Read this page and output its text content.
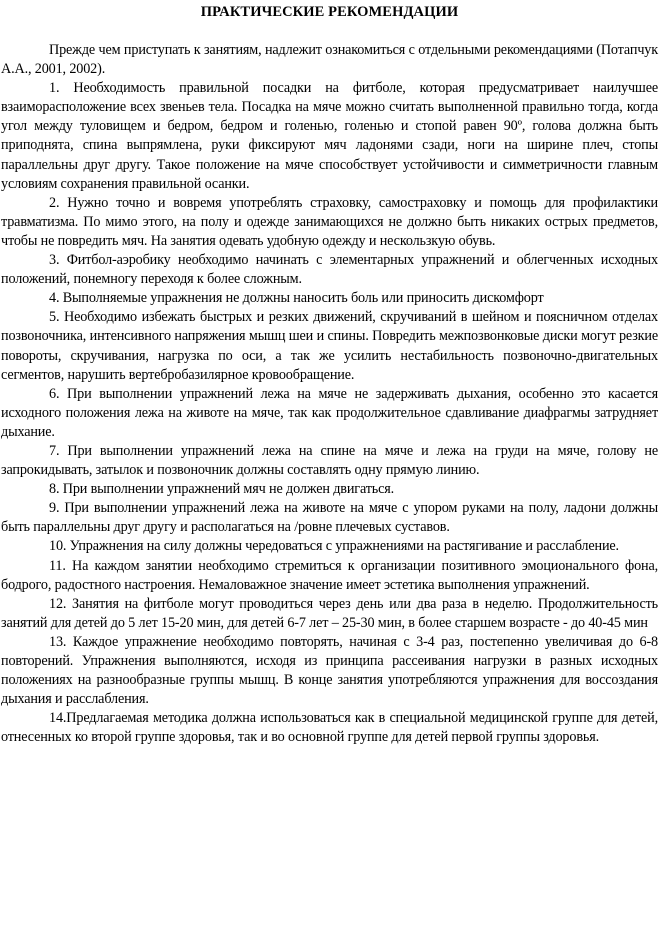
ПРАКТИЧЕСКИЕ РЕКОМЕНДАЦИИ

Прежде чем приступать к занятиям, надлежит ознакомиться с отдельными рекомендациями (Потапчук А.А., 2001, 2002).

1. Необходимость правильной посадки на фитболе, которая предусматривает наилучшее взаиморасположение всех звеньев тела. Посадка на мяче можно считать выполненной правильно тогда, когда угол между туловищем и бедром, бедром и голенью, голенью и стопой равен 90º, голова должна быть приподнята, спина выпрямлена, руки фиксируют мяч ладонями сзади, ноги на ширине плеч, стопы параллельны друг другу. Такое положение на мяче способствует устойчивости и симметричности главным условиям сохранения правильной осанки.

2. Нужно точно и вовремя употреблять страховку, самостраховку и помощь для профилактики травматизма. По мимо этого, на полу и одежде занимающихся не должно быть никаких острых предметов, чтобы не повредить мяч. На занятия одевать удобную одежду и нескользкую обувь.

3. Фитбол-аэробику необходимо начинать с элементарных упражнений и облегченных исходных положений, понемногу переходя к более сложным.

4. Выполняемые упражнения не должны наносить боль или приносить дискомфорт

5. Необходимо избежать быстрых и резких движений, скручиваний в шейном и поясничном отделах позвоночника, интенсивного напряжения мышц шеи и спины. Повредить межпозвонковые диски могут резкие повороты, скручивания, нагрузка по оси, а так же усилить нестабильность позвоночно-двигательных сегментов, нарушить вертебробазилярное кровообращение.

6. При выполнении упражнений лежа на мяче не задерживать дыхания, особенно это касается исходного положения лежа на животе на мяче, так как продолжительное сдавливание диафрагмы затрудняет дыхание.

7. При выполнении упражнений лежа на спине на мяче и лежа на груди на мяче, голову не запрокидывать, затылок и позвоночник должны составлять одну прямую линию.

8. При выполнении упражнений мяч не должен двигаться.

9. При выполнении упражнений лежа на животе на мяче с упором руками на полу, ладони должны быть параллельны друг другу и располагаться на /ровне плечевых суставов.

10. Упражнения на силу должны чередоваться с упражнениями на растягивание и расслабление.

11. На каждом занятии необходимо стремиться к организации позитивного эмоционального фона, бодрого, радостного настроения. Немаловажное значение имеет эстетика выполнения упражнений.

12. Занятия на фитболе могут проводиться через день или два раза в неделю. Продолжительность занятий для детей до 5 лет 15-20 мин, для детей 6-7 лет – 25-30 мин, в более старшем возрасте - до 40-45 мин

13. Каждое упражнение необходимо повторять, начиная с 3-4 раз, постепенно увеличивая до 6-8 повторений. Упражнения выполняются, исходя из принципа рассеивания нагрузки в разных исходных положениях на разнообразные группы мышц. В конце занятия употребляются упражнения для воссоздания дыхания и расслабления.

14.Предлагаемая методика должна использоваться как в специальной медицинской группе для детей, отнесенных ко второй группе здоровья, так и во основной группе для детей первой группы здоровья.
